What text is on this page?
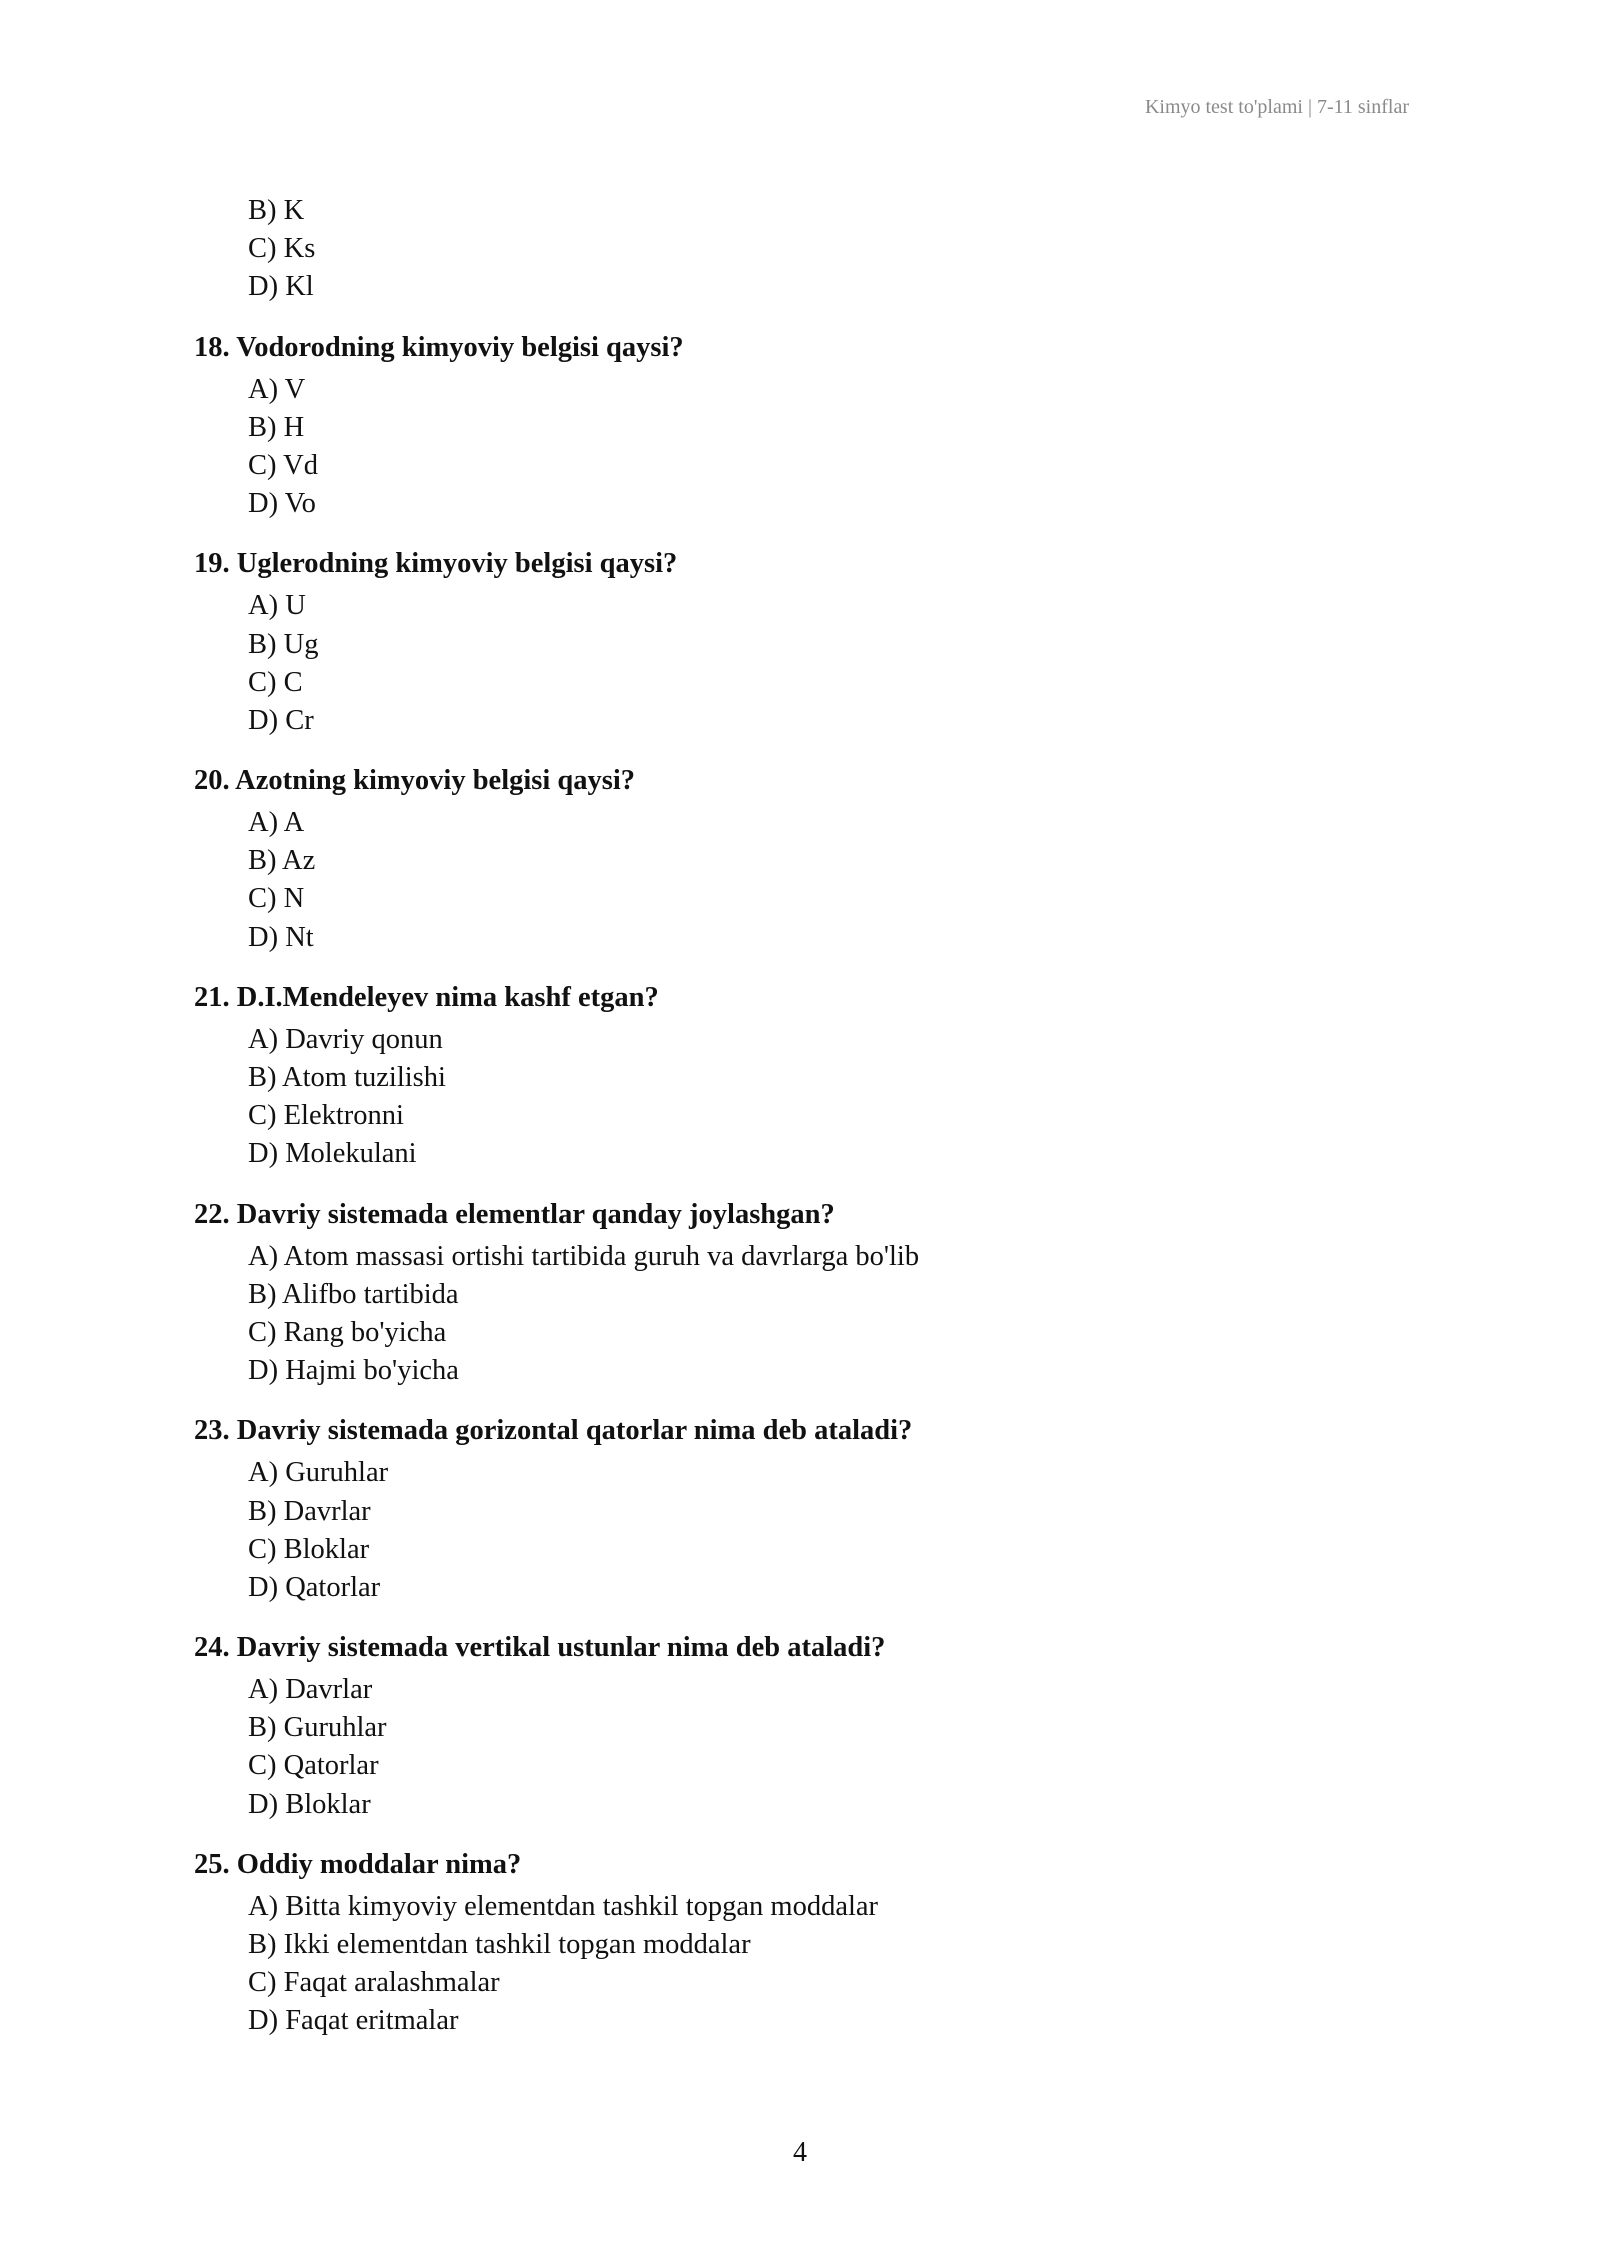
Kimyo test to'plami | 7-11 sinflar
B) K
C) Ks
D) Kl
18. Vodorodning kimyoviy belgisi qaysi?
A) V
B) H
C) Vd
D) Vo
19. Uglerodning kimyoviy belgisi qaysi?
A) U
B) Ug
C) C
D) Cr
20. Azotning kimyoviy belgisi qaysi?
A) A
B) Az
C) N
D) Nt
21. D.I.Mendeleyev nima kashf etgan?
A) Davriy qonun
B) Atom tuzilishi
C) Elektronni
D) Molekulani
22. Davriy sistemada elementlar qanday joylashgan?
A) Atom massasi ortishi tartibida guruh va davrlarga bo'lib
B) Alifbo tartibida
C) Rang bo'yicha
D) Hajmi bo'yicha
23. Davriy sistemada gorizontal qatorlar nima deb ataladi?
A) Guruhlar
B) Davrlar
C) Bloklar
D) Qatorlar
24. Davriy sistemada vertikal ustunlar nima deb ataladi?
A) Davrlar
B) Guruhlar
C) Qatorlar
D) Bloklar
25. Oddiy moddalar nima?
A) Bitta kimyoviy elementdan tashkil topgan moddalar
B) Ikki elementdan tashkil topgan moddalar
C) Faqat aralashmalar
D) Faqat eritmalar
4
